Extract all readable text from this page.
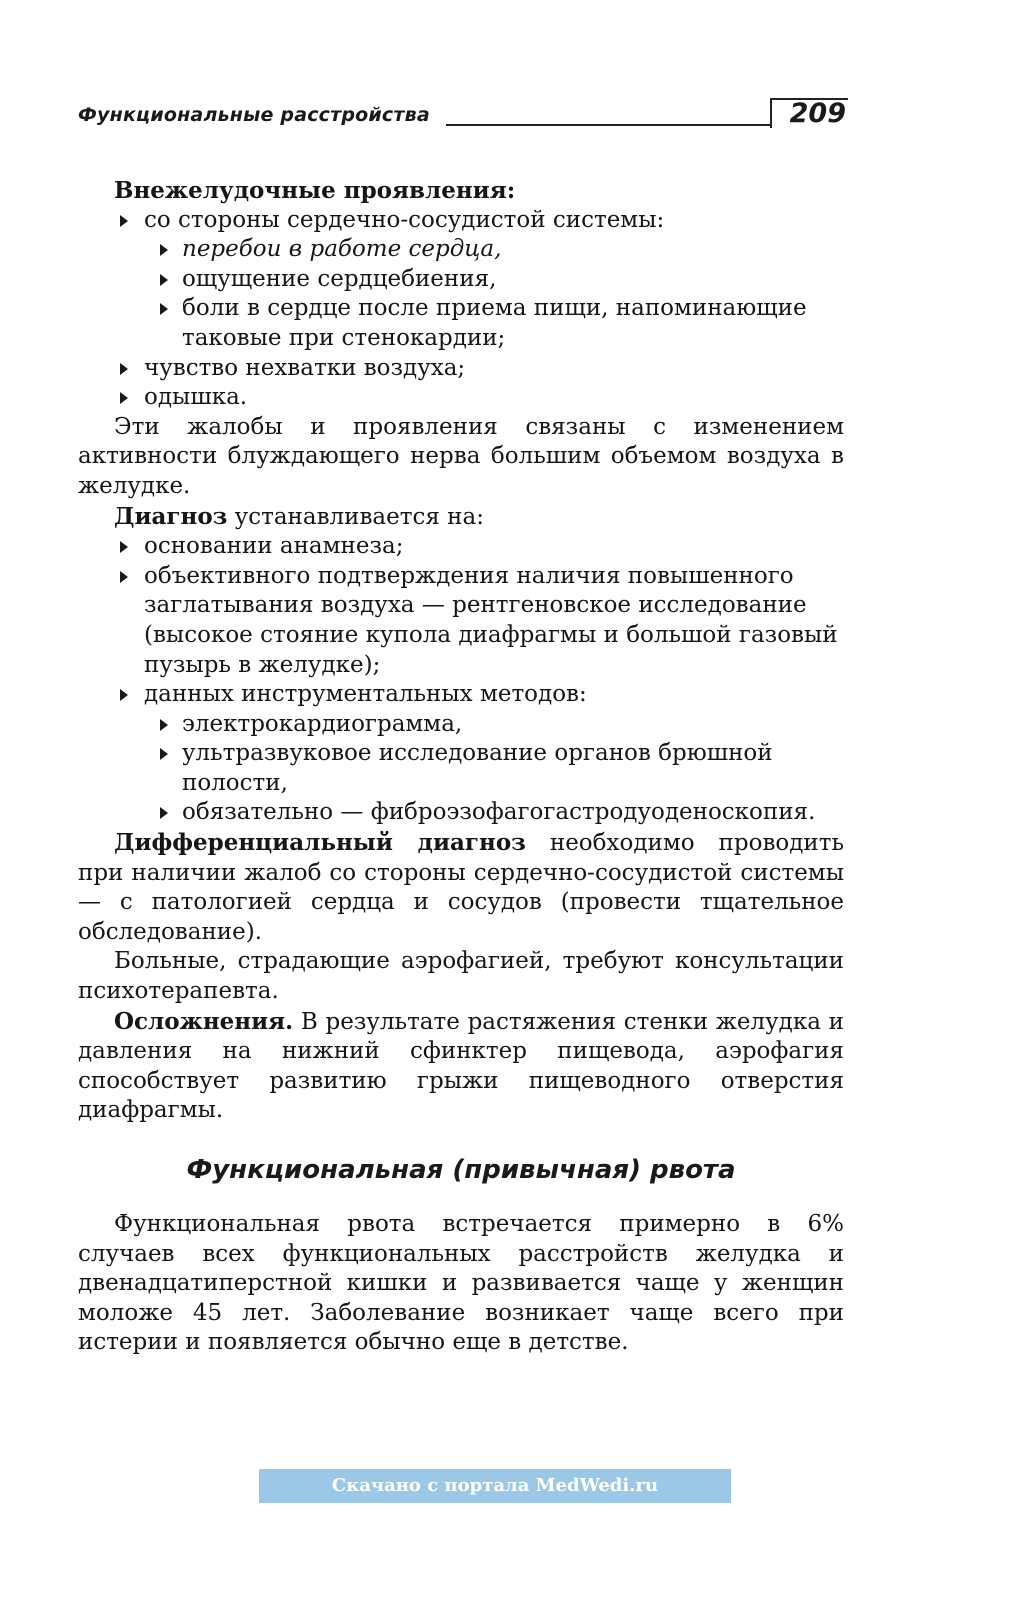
Функциональные расстройства	209

Внежелудочные проявления:

со стороны сердечно-сосудистой системы:
перебои в работе сердца,
ощущение сердцебиения,
боли в сердце после приема пищи, напоминающие таковые при стенокардии;
чувство нехватки воздуха;
одышка.

Эти жалобы и проявления связаны с изменением активности блуждающего нерва большим объемом воздуха в желудке.

Диагноз устанавливается на:

основании анамнеза;
объективного подтверждения наличия повышенного заглатывания воздуха — рентгеновское исследование (высокое стояние купола диафрагмы и большой газовый пузырь в желудке);
данных инструментальных методов:
электрокардиограмма,
ультразвуковое исследование органов брюшной полости,
обязательно — фиброэзофагогастродуоденоскопия.

Дифференциальный диагноз необходимо проводить при наличии жалоб со стороны сердечно-сосудистой системы — с патологией сердца и сосудов (провести тщательное обследование).

Больные, страдающие аэрофагией, требуют консультации психотерапевта.

Осложнения. В результате растяжения стенки желудка и давления на нижний сфинктер пищевода, аэрофагия способствует развитию грыжи пищеводного отверстия диафрагмы.

Функциональная (привычная) рвота

Функциональная рвота встречается примерно в 6% случаев всех функциональных расстройств желудка и двенадцатиперстной кишки и развивается чаще у женщин моложе 45 лет. Заболевание возникает чаще всего при истерии и появляется обычно еще в детстве.

Скачано с портала MedWedi.ru
